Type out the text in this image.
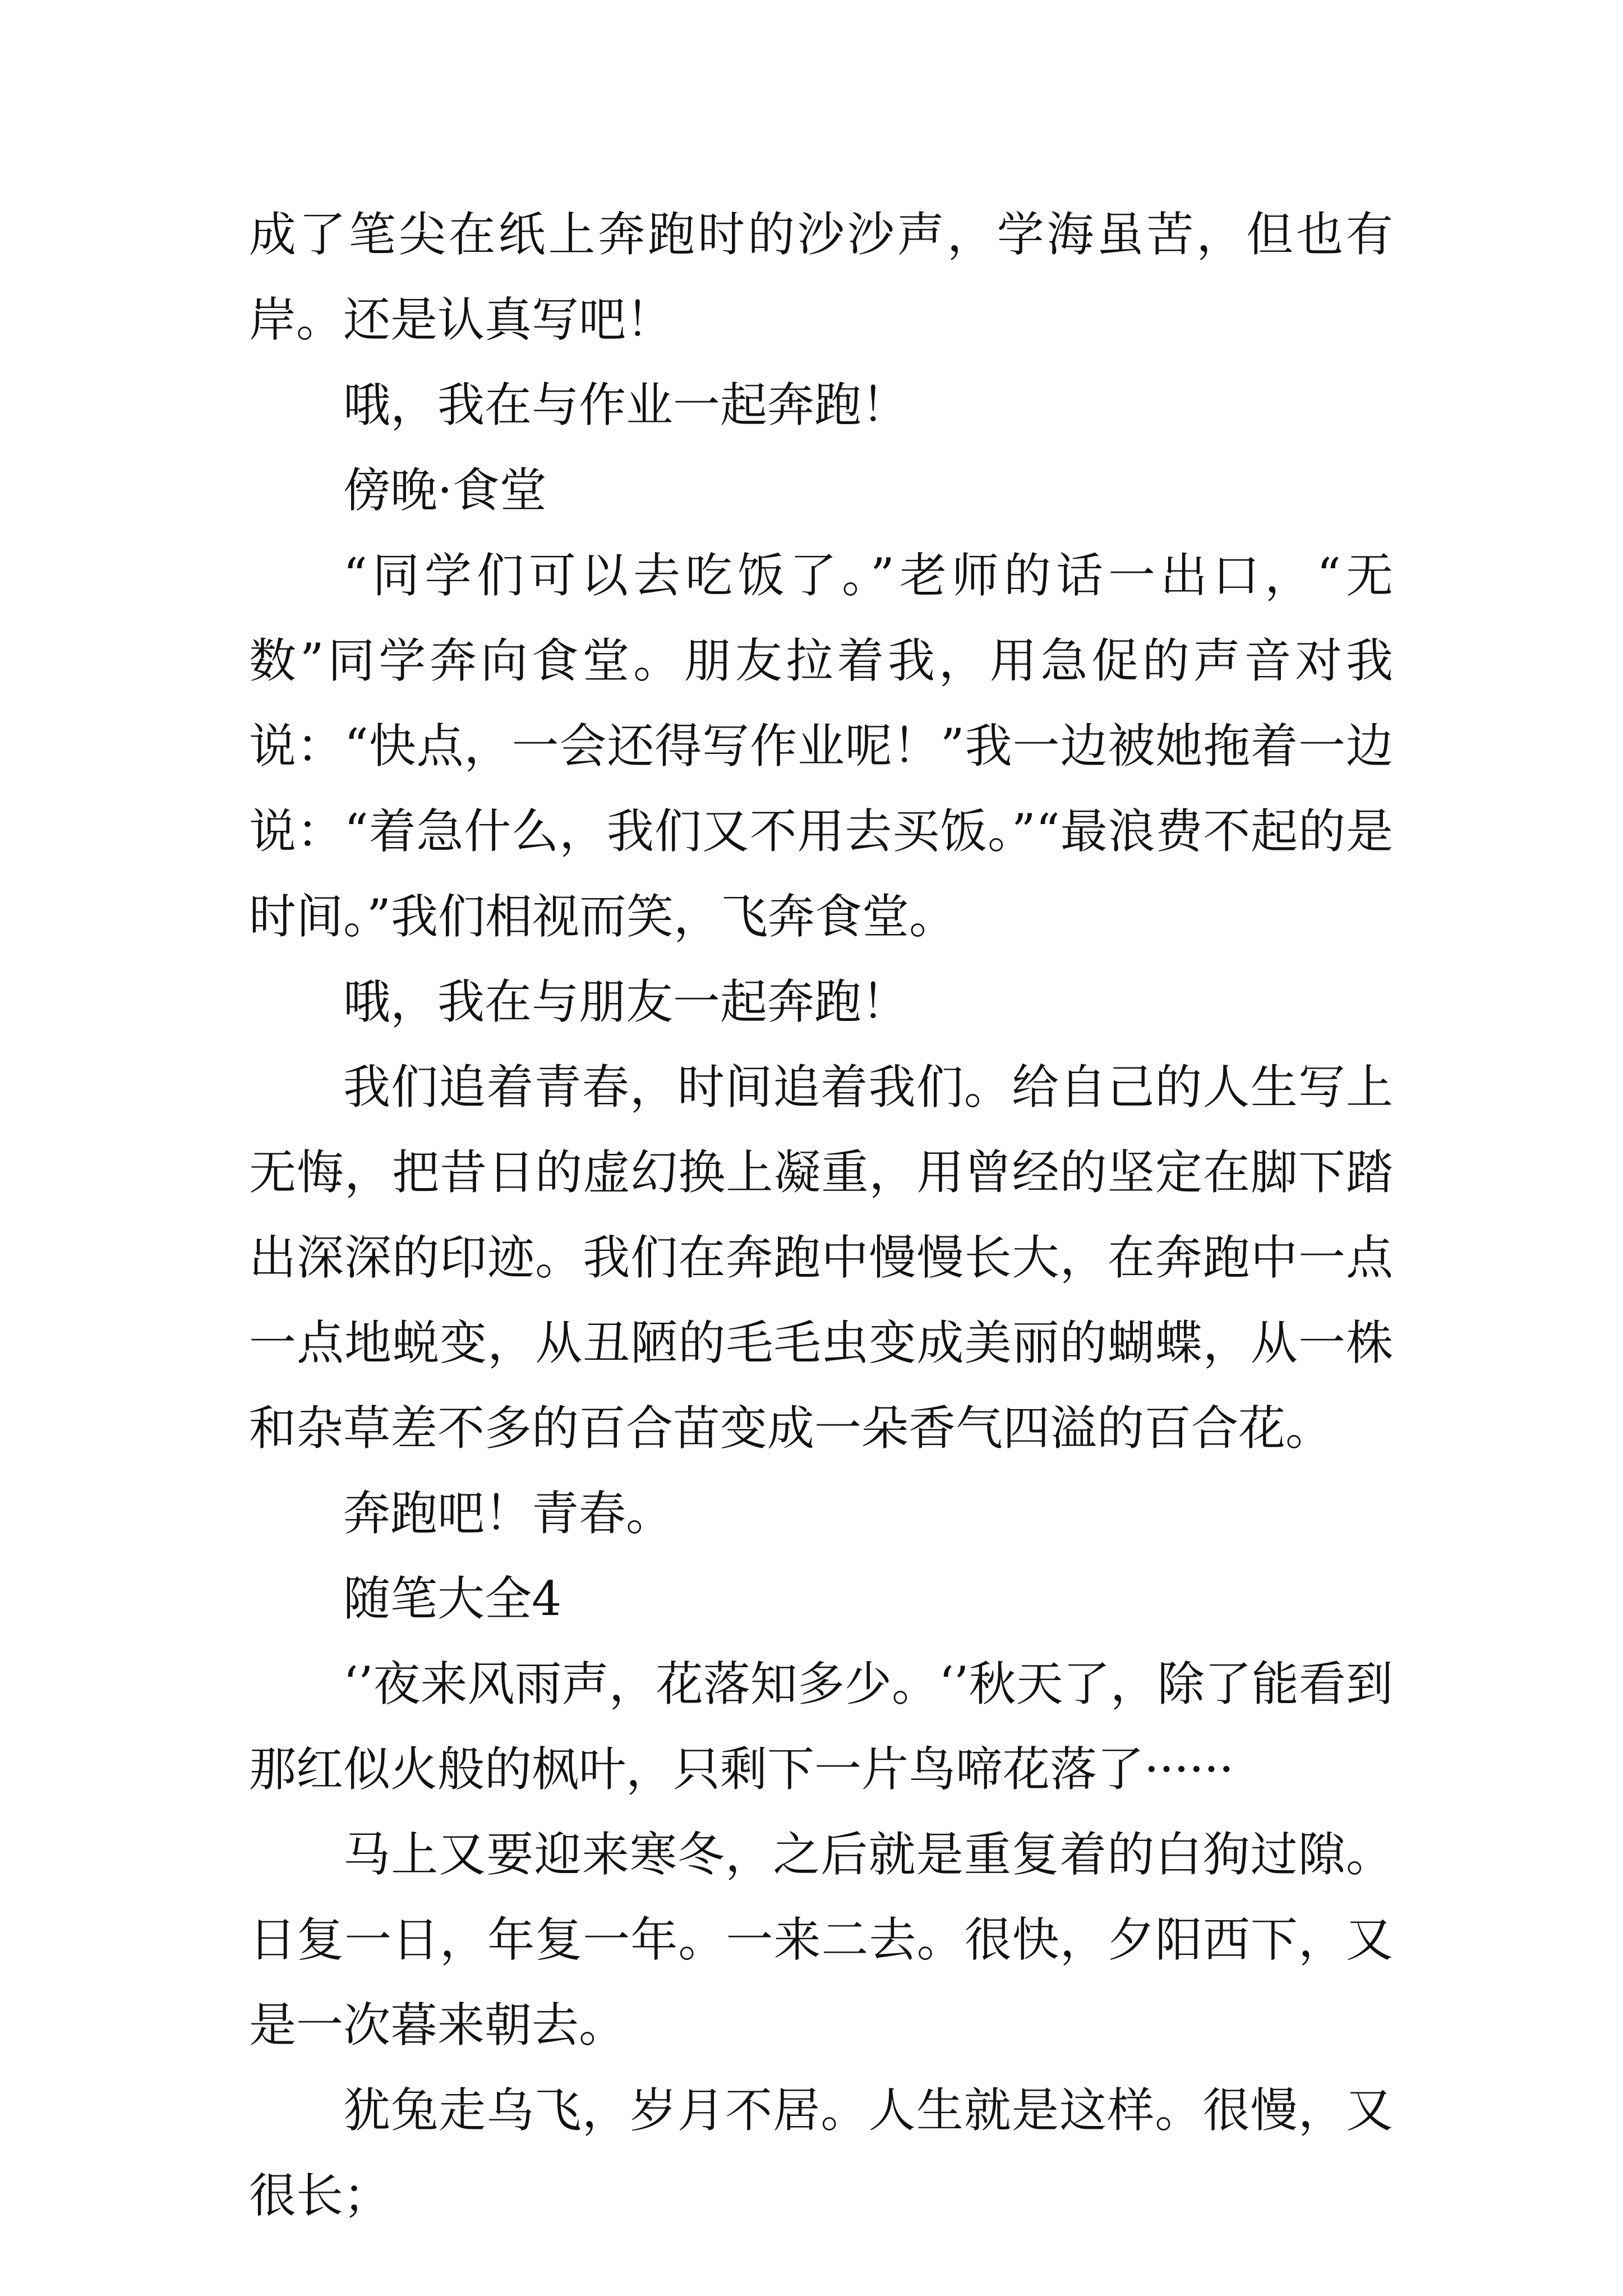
成了笔尖在纸上奔跑时的沙沙声，学海虽苦，但也有岸。还是认真写吧！

哦，我在与作业一起奔跑！

傍晚·食堂

“同学们可以去吃饭了。”老师的话一出口，“无数”同学奔向食堂。朋友拉着我，用急促的声音对我说：“快点，一会还得写作业呢！”我一边被她拖着一边说：“着急什么，我们又不用去买饭。”“最浪费不起的是时间。”我们相视而笑，飞奔食堂。

哦，我在与朋友一起奔跑！

我们追着青春，时间追着我们。给自己的人生写上无悔，把昔日的虚幻换上凝重，用曾经的坚定在脚下踏出深深的印迹。我们在奔跑中慢慢长大，在奔跑中一点一点地蜕变，从丑陋的毛毛虫变成美丽的蝴蝶，从一株和杂草差不多的百合苗变成一朵香气四溢的百合花。

奔跑吧！青春。

随笔大全4

‘’夜来风雨声，花落知多少。‘’秋天了，除了能看到那红似火般的枫叶，只剩下一片鸟啼花落了······

马上又要迎来寒冬，之后就是重复着的白狗过隙。日复一日，年复一年。一来二去。很快，夕阳西下，又是一次暮来朝去。

犹兔走乌飞，岁月不居。人生就是这样。很慢，又很长；
